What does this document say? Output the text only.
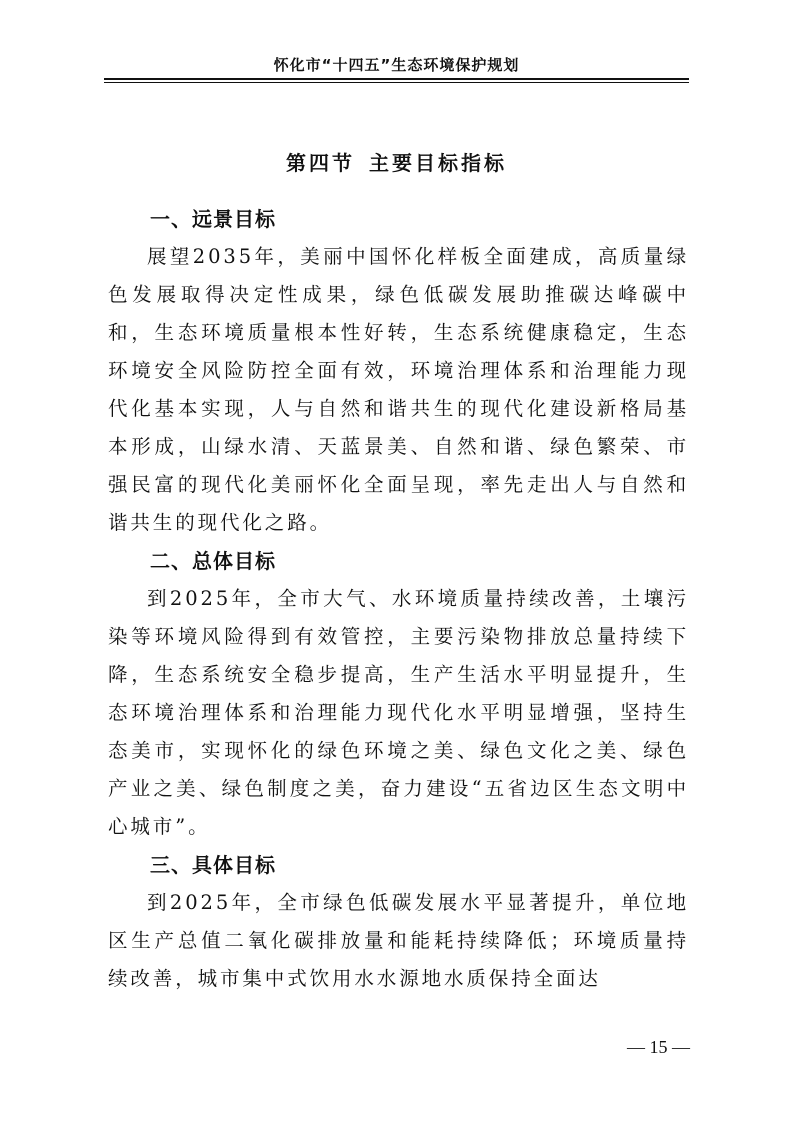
怀化市“十四五”生态环境保护规划
第四节 主要目标指标
一、远景目标

展望2035年，美丽中国怀化样板全面建成，高质量绿色发展取得决定性成果，绿色低碳发展助推碳达峰碳中和，生态环境质量根本性好转，生态系统健康稳定，生态环境安全风险防控全面有效，环境治理体系和治理能力现代化基本实现，人与自然和谐共生的现代化建设新格局基本形成，山绿水清、天蓝景美、自然和谐、绿色繁荣、市强民富的现代化美丽怀化全面呈现，率先走出人与自然和谐共生的现代化之路。

二、总体目标

到2025年，全市大气、水环境质量持续改善，土壤污染等环境风险得到有效管控，主要污染物排放总量持续下降，生态系统安全稳步提高，生产生活水平明显提升，生态环境治理体系和治理能力现代化水平明显增强，坚持生态美市，实现怀化的绿色环境之美、绿色文化之美、绿色产业之美、绿色制度之美，奋力建设“五省边区生态文明中心城市”。

三、具体目标

到2025年，全市绿色低碳发展水平显著提升，单位地区生产总值二氧化碳排放量和能耗持续降低；环境质量持续改善，城市集中式饮用水水源地水质保持全面达

— 15 —
